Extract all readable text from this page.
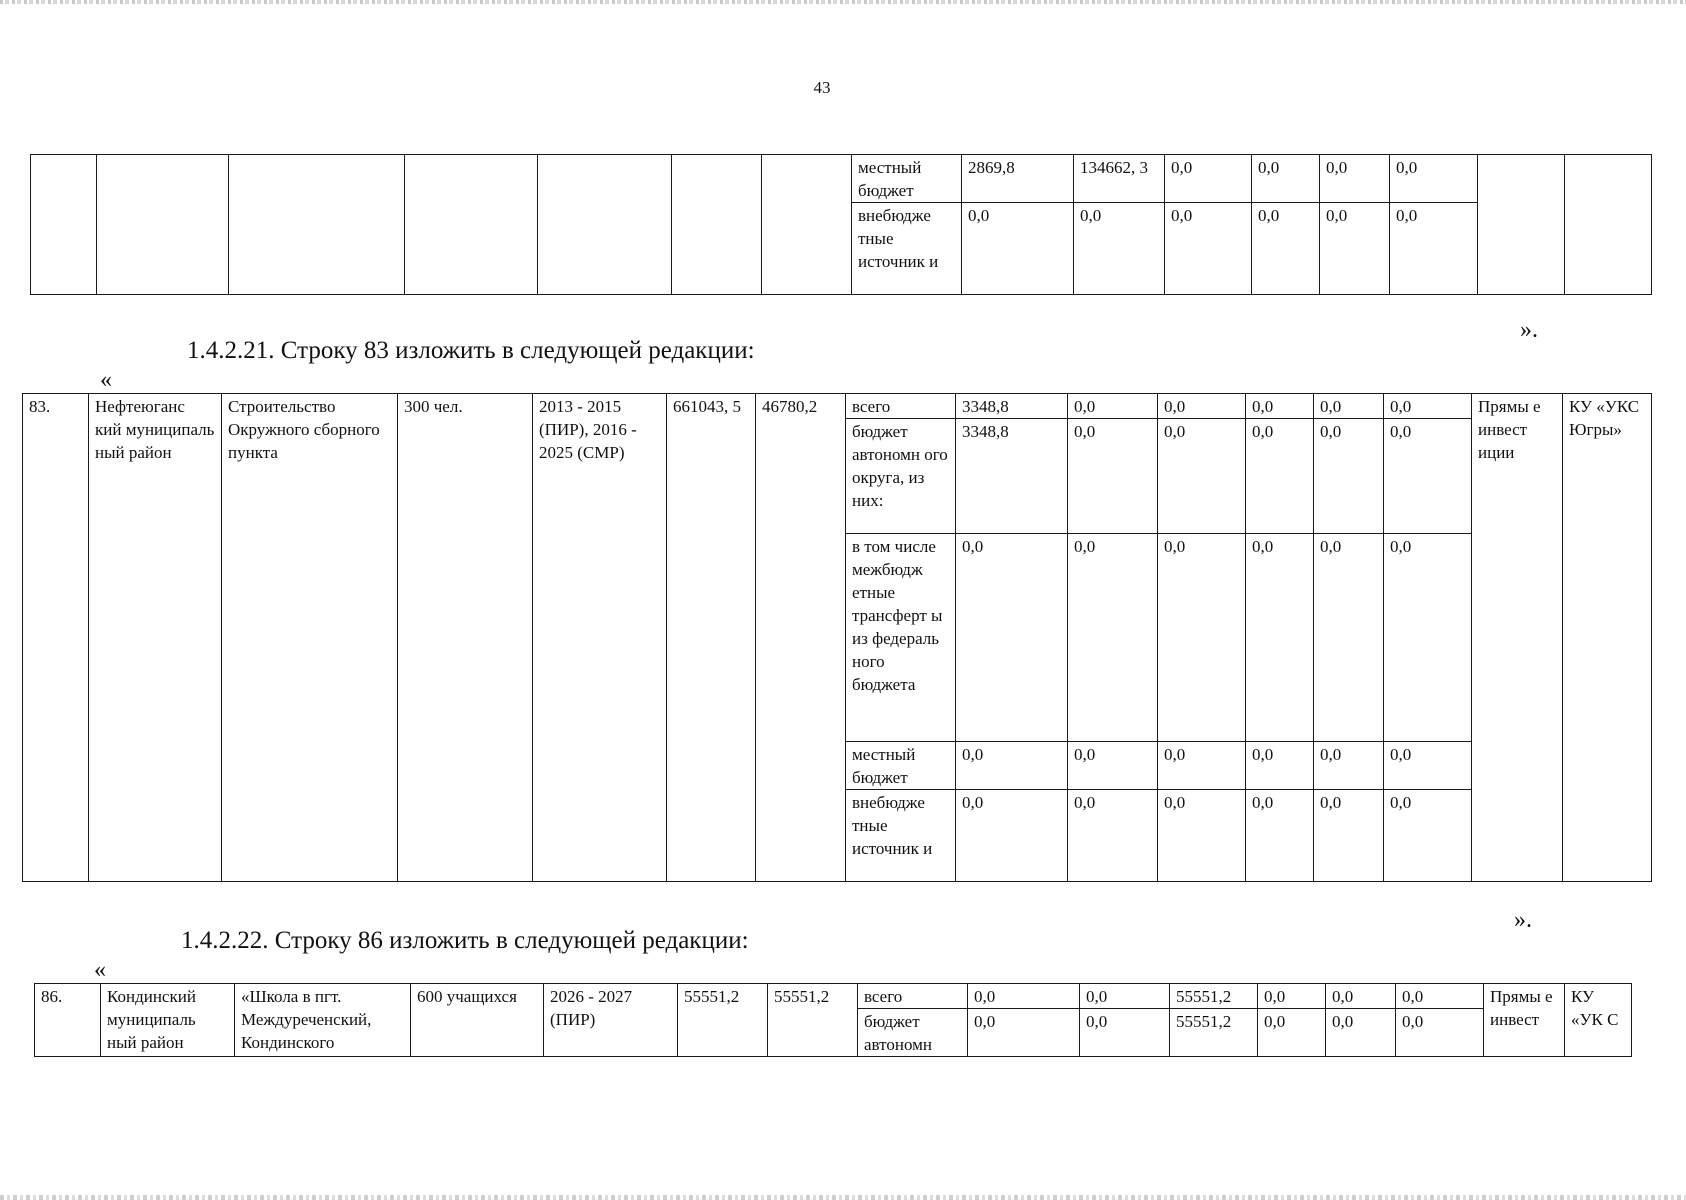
43
							местный бюджет	2869,8	134662, 3	0,0	0,0	0,0	0,0		
							внебюдже тные источник и	0,0	0,0	0,0	0,0	0,0	0,0		
».
1.4.2.21. Строку 83 изложить в следующей редакции:
«
83.	Нефтеюганс кий муниципаль ный район	Строительство Окружного сборного пункта	300 чел.	2013 - 2015 (ПИР), 2016 - 2025 (СМР)	661043, 5	46780,2	всего	3348,8	0,0	0,0	0,0	0,0	0,0	Прямы е инвест иции	КУ «УКС Югры»
							бюджет автономн ого округа, из них:	3348,8	0,0	0,0	0,0	0,0	0,0		
							в том числе межбюдж етные трансферт ы из федераль ного бюджета	0,0	0,0	0,0	0,0	0,0	0,0		
							местный бюджет	0,0	0,0	0,0	0,0	0,0	0,0		
							внебюдже тные источник и	0,0	0,0	0,0	0,0	0,0	0,0		
».
1.4.2.22. Строку 86 изложить в следующей редакции:
«
86.	Кондинский муниципаль ный район	«Школа в пгт. Междуреченский, Кондинского	600 учащихся	2026 - 2027 (ПИР)	55551,2	55551,2	всего	0,0	0,0	55551,2	0,0	0,0	0,0	Прямы е инвест	КУ «УК С
							бюджет автономн	0,0	0,0	55551,2	0,0	0,0	0,0		
